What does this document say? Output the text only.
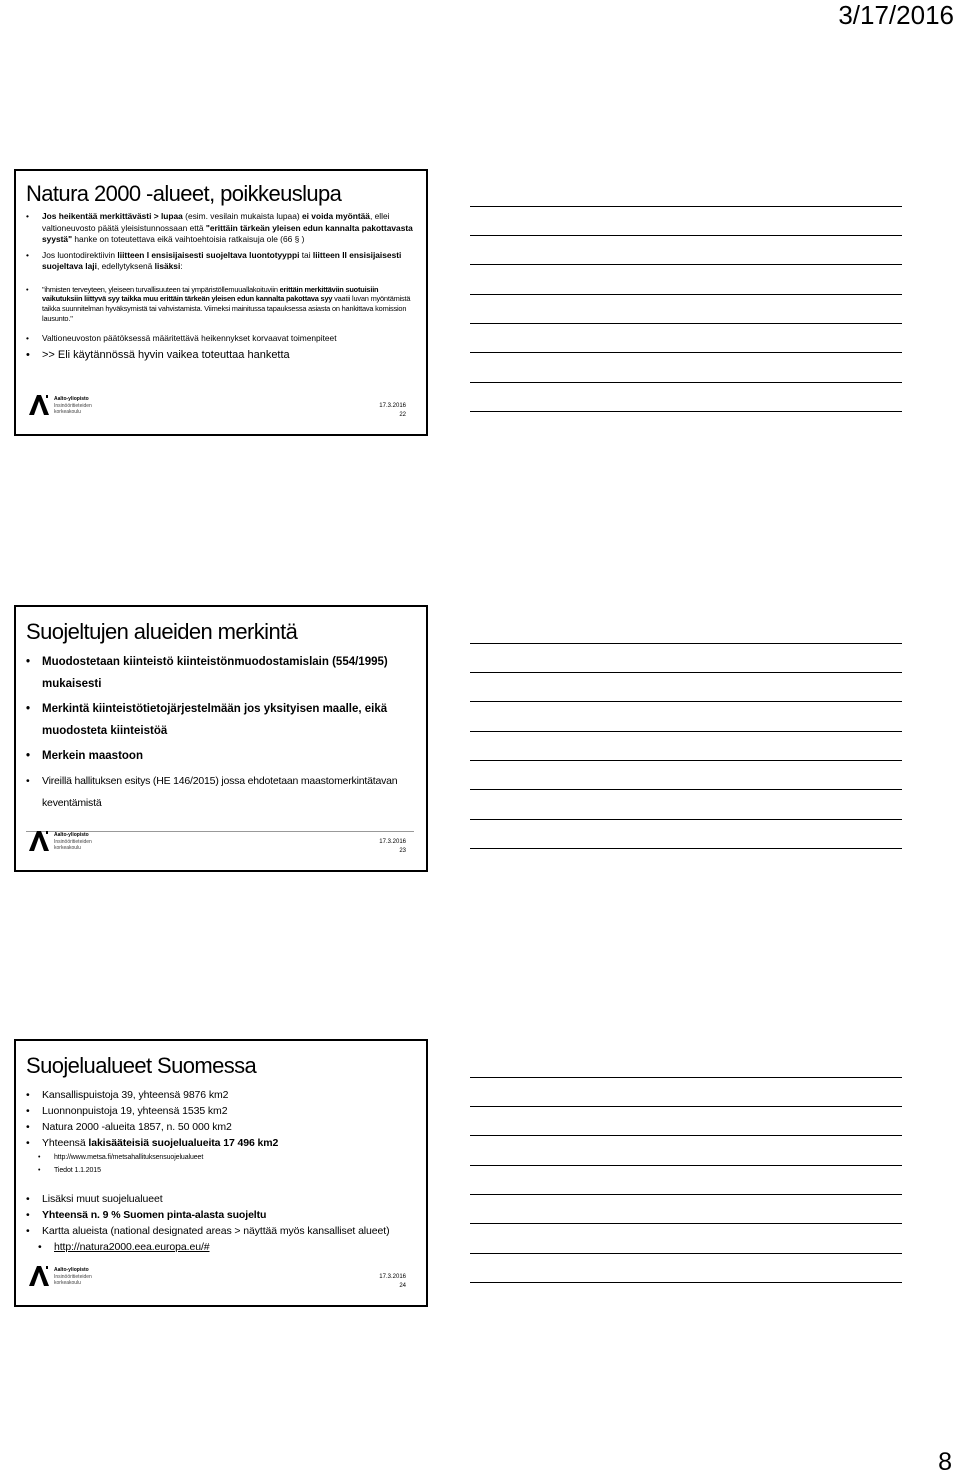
3/17/2016
Natura 2000 -alueet, poikkeuslupa

• Jos heikentää merkittävästi > lupaa (esim. vesilain mukaista lupaa) ei voida myöntää, ellei valtioneuvosto päätä yleisistunnossaan että "erittäin tärkeän yleisen edun kannalta pakottavasta syystä" hanke on toteutettava eikä vaihtoehtoisia ratkaisuja ole (66 § )

• Jos luontodirektiivin liitteen I ensisijaisesti suojeltava luontotyyppi tai liitteen II ensisijaisesti suojeltava laji, edellytyksenä lisäksi:

• "ihmisten terveyteen, yleiseen turvallisuuteen tai ympäristöllemuuallakoituviin erittäin merkittäviin suotuisiin vaikutuksiin liittyvä syy taikka muu erittäin tärkeän yleisen edun kannalta pakottava syy vaatii luvan myöntämistä taikka suunnitelman hyväksymistä tai vahvistamista. Viimeksi mainitussa tapauksessa asiasta on hankittava komission lausunto."

• Valtioneuvoston päätöksessä määritettävä heikennykset korvaavat toimenpiteet

• >> Eli käytännössä hyvin vaikea toteuttaa hanketta

Aalto-yliopisto
Insinööritieteiden
korkeakoulu
17.3.2016
22
Suojeltujen alueiden merkintä

• Muodostetaan kiinteistö kiinteistönmuodostamislain (554/1995) mukaisesti

• Merkintä kiinteistötietojärjestelmään jos yksityisen maalle, eikä muodosteta kiinteistöä

• Merkein maastoon

• Vireillä hallituksen esitys (HE 146/2015) jossa ehdotetaan maastomerkintätavan keventämistä

Aalto-yliopisto
Insinööritieteiden
korkeakoulu
17.3.2016
23
Suojelualueet Suomessa

• Kansallispuistoja 39, yhteensä 9876 km2

• Luonnonpuistoja 19, yhteensä 1535 km2

• Natura 2000 -alueita 1857, n. 50 000 km2

• Yhteensä lakisääteisiä suojelualueita 17 496 km2

• http://www.metsa.fi/metsahallituksensuojelualueet

• Tiedot 1.1.2015

• Lisäksi muut suojelualueet

• Yhteensä n. 9 % Suomen pinta-alasta suojeltu

• Kartta alueista (national designated areas > näyttää myös kansalliset alueet)

• http://natura2000.eea.europa.eu/#

Aalto-yliopisto
Insinööritieteiden
korkeakoulu
17.3.2016
24
8
